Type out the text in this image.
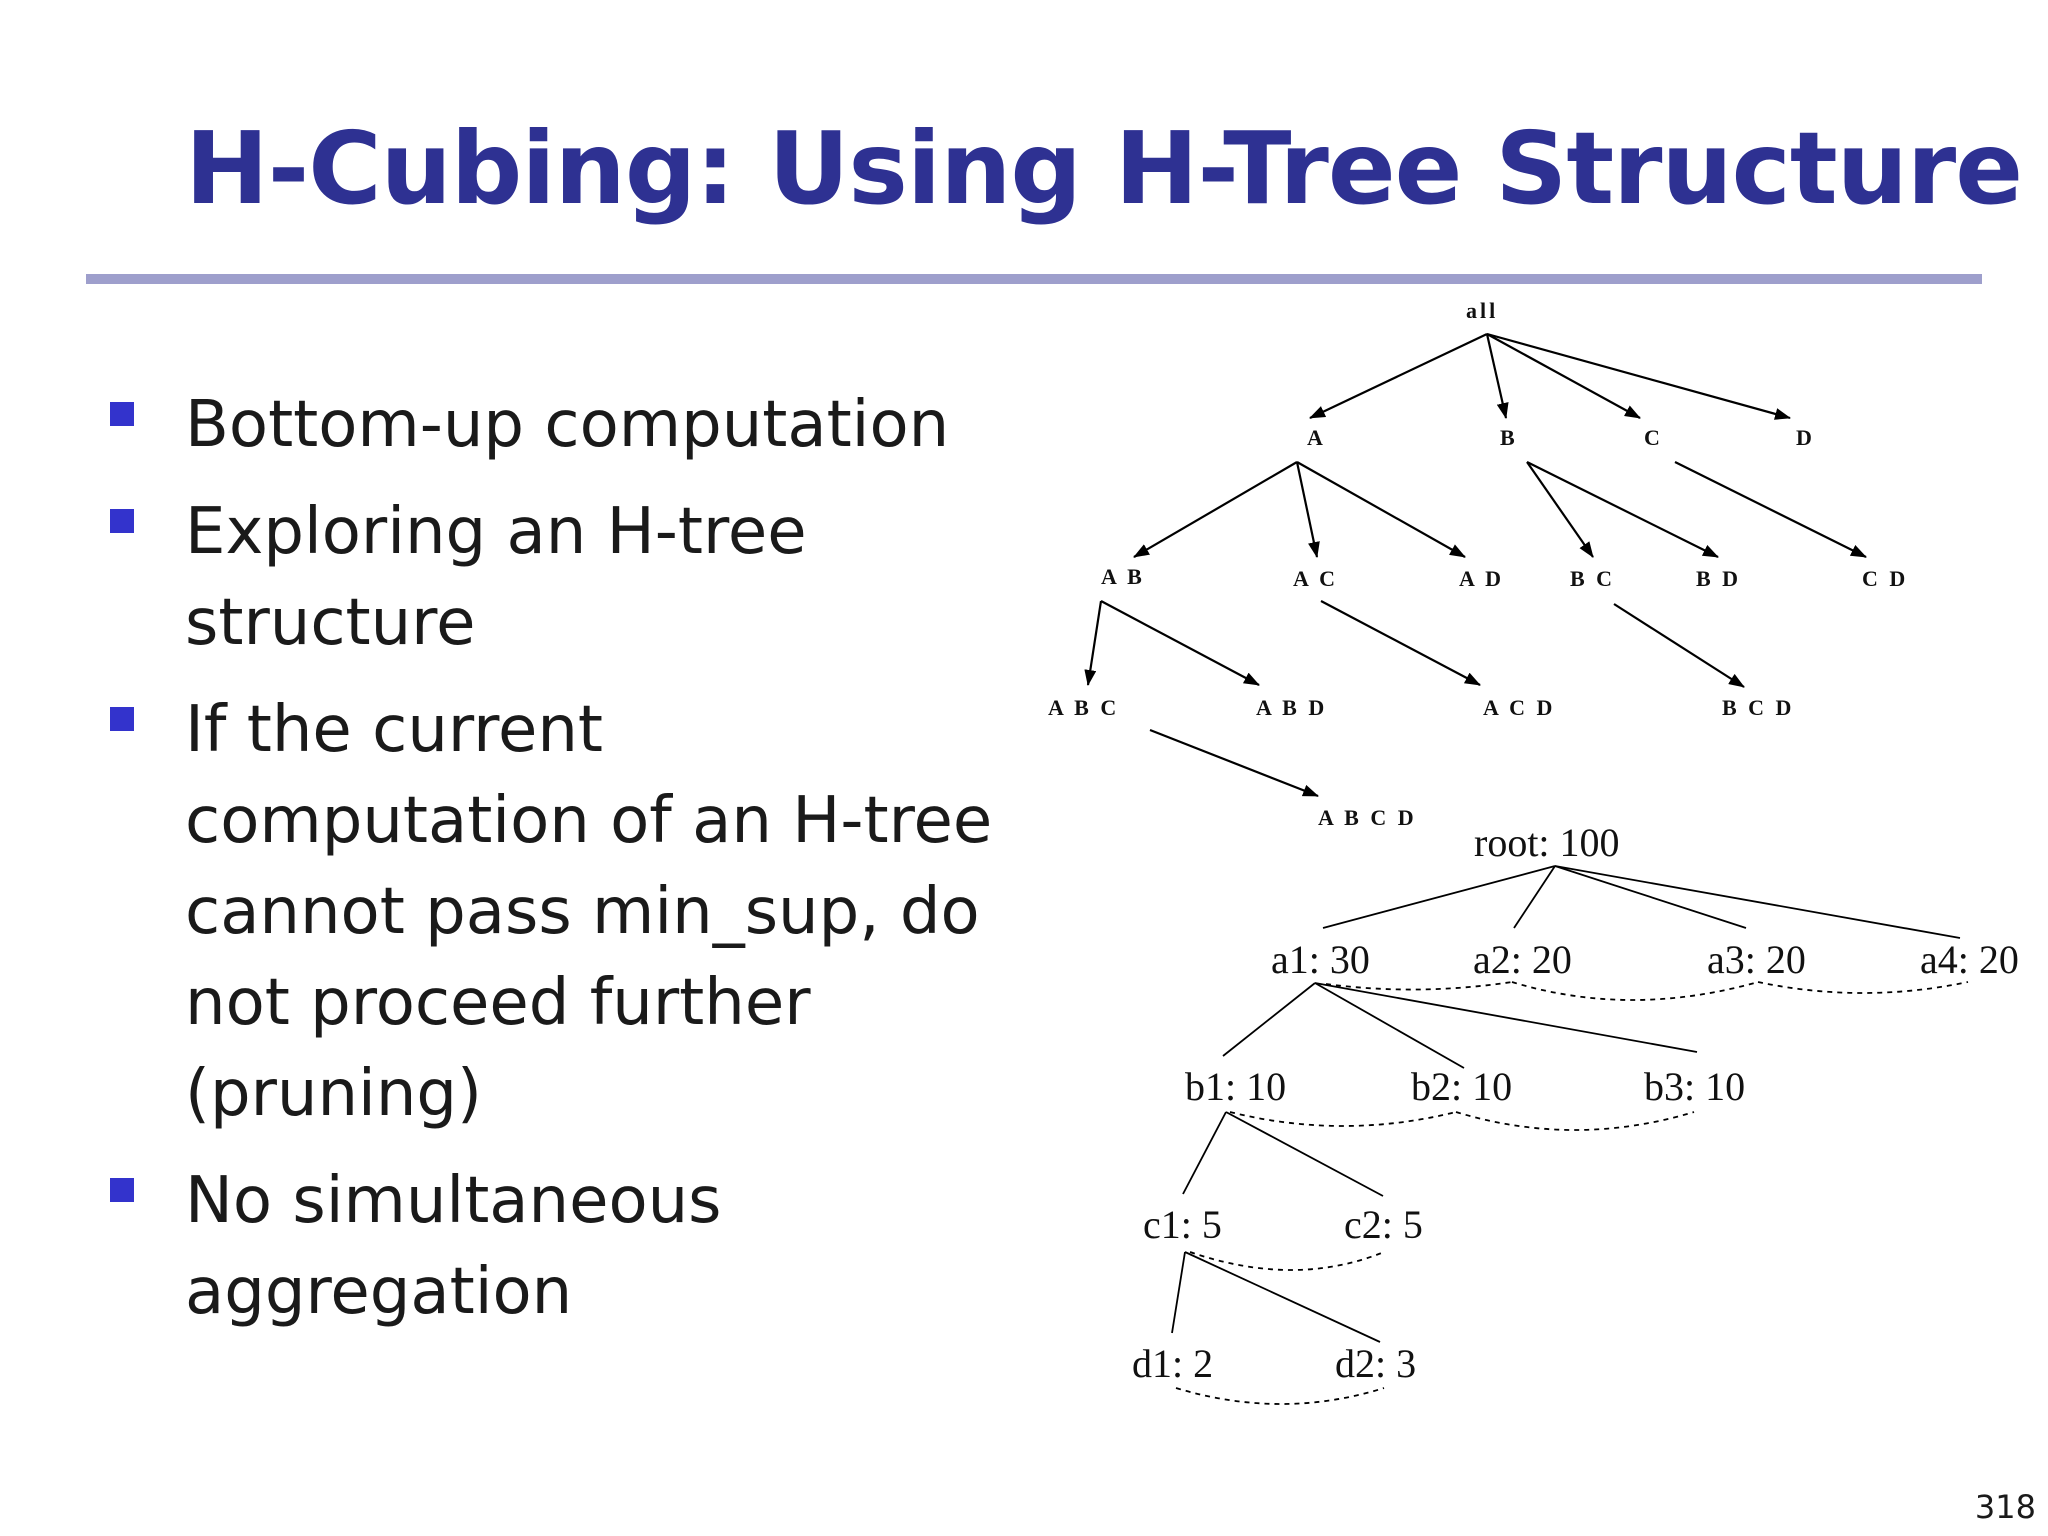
H-Cubing: Using H-Tree Structure
Bottom-up computation
Exploring an H-tree structure
If the current computation of an H-tree cannot pass min_sup, do not proceed further (pruning)
No simultaneous aggregation
all
A	B	C	D
A B	A C	A D	B C	B D	C D
A B C	A B D	A C D	B C D
A B C D
root: 100
a1: 30	a2: 20	a3: 20	a4: 20
b1: 10	b2: 10	b3: 10
c1: 5	c2: 5
d1: 2	d2: 3
318
